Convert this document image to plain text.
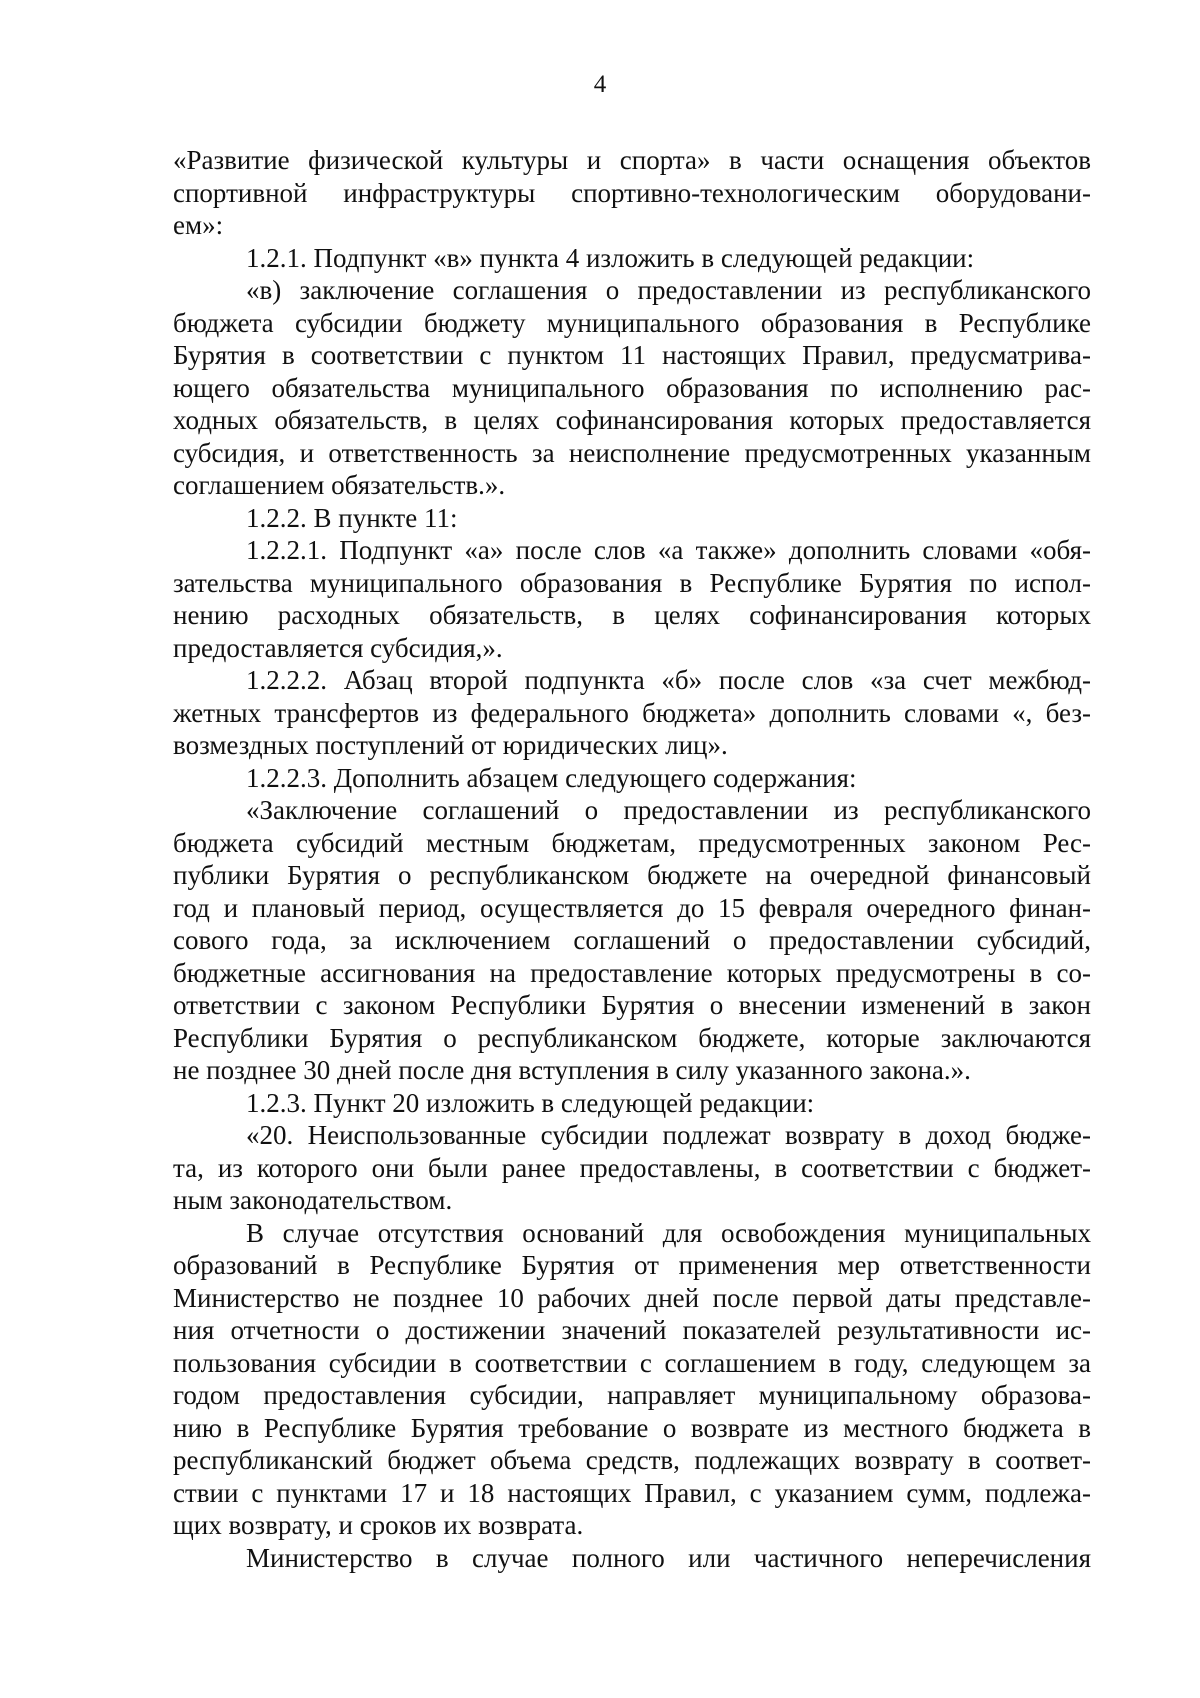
4
«Развитие физической культуры и спорта» в части оснащения объектов
спортивной инфраструктуры спортивно-технологическим оборудовани-
ем»:
1.2.1. Подпункт «в» пункта 4 изложить в следующей редакции:
«в) заключение соглашения о предоставлении из республиканского
бюджета субсидии бюджету муниципального образования в Республике
Бурятия в соответствии с пунктом 11 настоящих Правил, предусматрива-
ющего обязательства муниципального образования по исполнению рас-
ходных обязательств, в целях софинансирования которых предоставляется
субсидия, и ответственность за неисполнение предусмотренных указанным
соглашением обязательств.».
1.2.2. В пункте 11:
1.2.2.1. Подпункт «а» после слов «а также» дополнить словами «обя-
зательства муниципального образования в Республике Бурятия по испол-
нению расходных обязательств, в целях софинансирования которых
предоставляется субсидия,».
1.2.2.2. Абзац второй подпункта «б» после слов «за счет межбюд-
жетных трансфертов из федерального бюджета» дополнить словами «, без-
возмездных поступлений от юридических лиц».
1.2.2.3. Дополнить абзацем следующего содержания:
«Заключение соглашений о предоставлении из республиканского
бюджета субсидий местным бюджетам, предусмотренных законом Рес-
публики Бурятия о республиканском бюджете на очередной финансовый
год и плановый период, осуществляется до 15 февраля очередного финан-
сового года, за исключением соглашений о предоставлении субсидий,
бюджетные ассигнования на предоставление которых предусмотрены в со-
ответствии с законом Республики Бурятия о внесении изменений в закон
Республики Бурятия о республиканском бюджете, которые заключаются
не позднее 30 дней после дня вступления в силу указанного закона.».
1.2.3. Пункт 20 изложить в следующей редакции:
«20. Неиспользованные субсидии подлежат возврату в доход бюдже-
та, из которого они были ранее предоставлены, в соответствии с бюджет-
ным законодательством.
В случае отсутствия оснований для освобождения муниципальных
образований в Республике Бурятия от применения мер ответственности
Министерство не позднее 10 рабочих дней после первой даты представле-
ния отчетности о достижении значений показателей результативности ис-
пользования субсидии в соответствии с соглашением в году, следующем за
годом предоставления субсидии, направляет муниципальному образова-
нию в Республике Бурятия требование о возврате из местного бюджета в
республиканский бюджет объема средств, подлежащих возврату в соответ-
ствии с пунктами 17 и 18 настоящих Правил, с указанием сумм, подлежа-
щих возврату, и сроков их возврата.
Министерство в случае полного или частичного неперечисления
